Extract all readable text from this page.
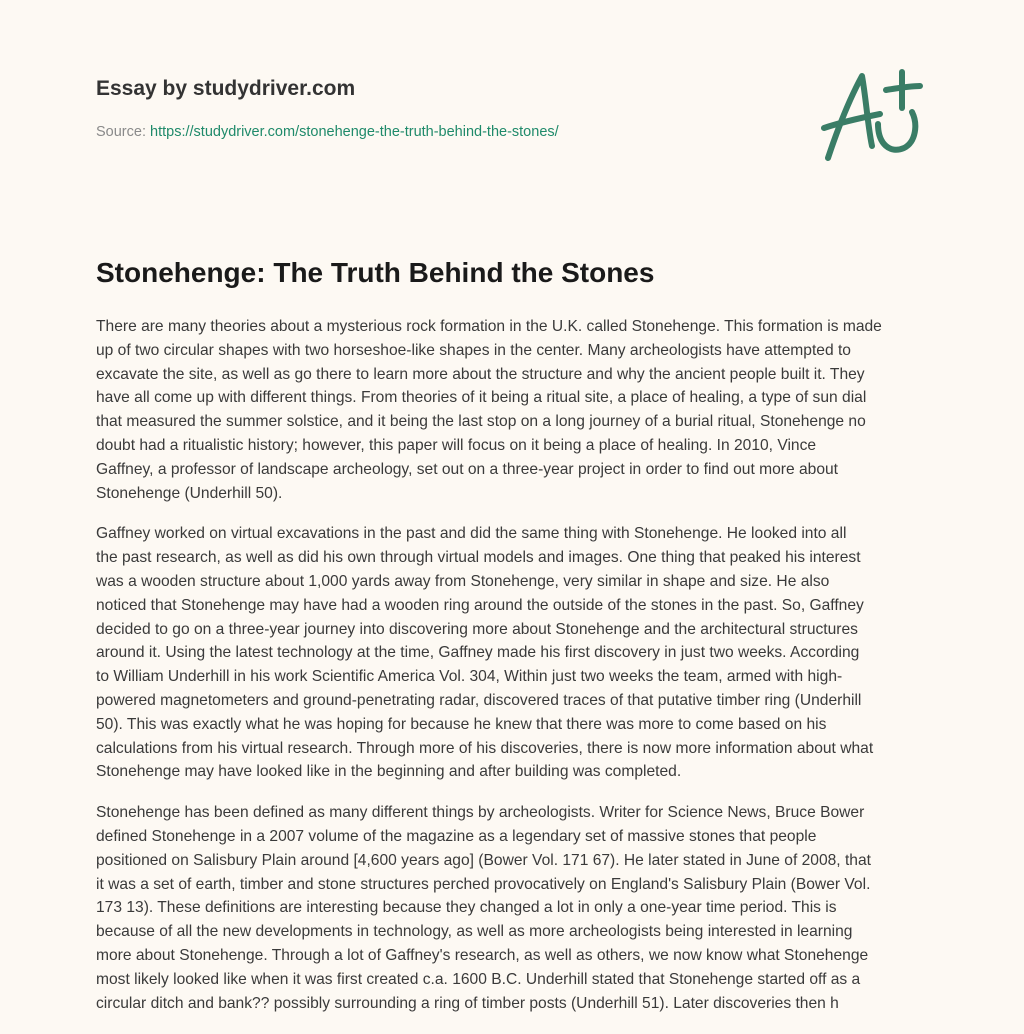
Essay by studydriver.com
Source: https://studydriver.com/stonehenge-the-truth-behind-the-stones/
Stonehenge: The Truth Behind the Stones
There are many theories about a mysterious rock formation in the U.K. called Stonehenge. This formation is made
up of two circular shapes with two horseshoe-like shapes in the center. Many archeologists have attempted to
excavate the site, as well as go there to learn more about the structure and why the ancient people built it. They
have all come up with different things. From theories of it being a ritual site, a place of healing, a type of sun dial
that measured the summer solstice, and it being the last stop on a long journey of a burial ritual, Stonehenge no
doubt had a ritualistic history; however, this paper will focus on it being a place of healing. In 2010, Vince
Gaffney, a professor of landscape archeology, set out on a three-year project in order to find out more about
Stonehenge (Underhill 50).
Gaffney worked on virtual excavations in the past and did the same thing with Stonehenge. He looked into all
the past research, as well as did his own through virtual models and images. One thing that peaked his interest
was a wooden structure about 1,000 yards away from Stonehenge, very similar in shape and size. He also
noticed that Stonehenge may have had a wooden ring around the outside of the stones in the past. So, Gaffney
decided to go on a three-year journey into discovering more about Stonehenge and the architectural structures
around it. Using the latest technology at the time, Gaffney made his first discovery in just two weeks. According
to William Underhill in his work Scientific America Vol. 304, Within just two weeks the team, armed with high-
powered magnetometers and ground-penetrating radar, discovered traces of that putative timber ring (Underhill
50). This was exactly what he was hoping for because he knew that there was more to come based on his
calculations from his virtual research. Through more of his discoveries, there is now more information about what
Stonehenge may have looked like in the beginning and after building was completed.
Stonehenge has been defined as many different things by archeologists. Writer for Science News, Bruce Bower
defined Stonehenge in a 2007 volume of the magazine as a legendary set of massive stones that people
positioned on Salisbury Plain around [4,600 years ago] (Bower Vol. 171 67). He later stated in June of 2008, that
it was a set of earth, timber and stone structures perched provocatively on England's Salisbury Plain (Bower Vol.
173 13). These definitions are interesting because they changed a lot in only a one-year time period. This is
because of all the new developments in technology, as well as more archeologists being interested in learning
more about Stonehenge. Through a lot of Gaffney's research, as well as others, we now know what Stonehenge
most likely looked like when it was first created c.a. 1600 B.C. Underhill stated that Stonehenge started off as a
circular ditch and bank?? possibly surrounding a ring of timber posts (Underhill 51). Later discoveries then h
